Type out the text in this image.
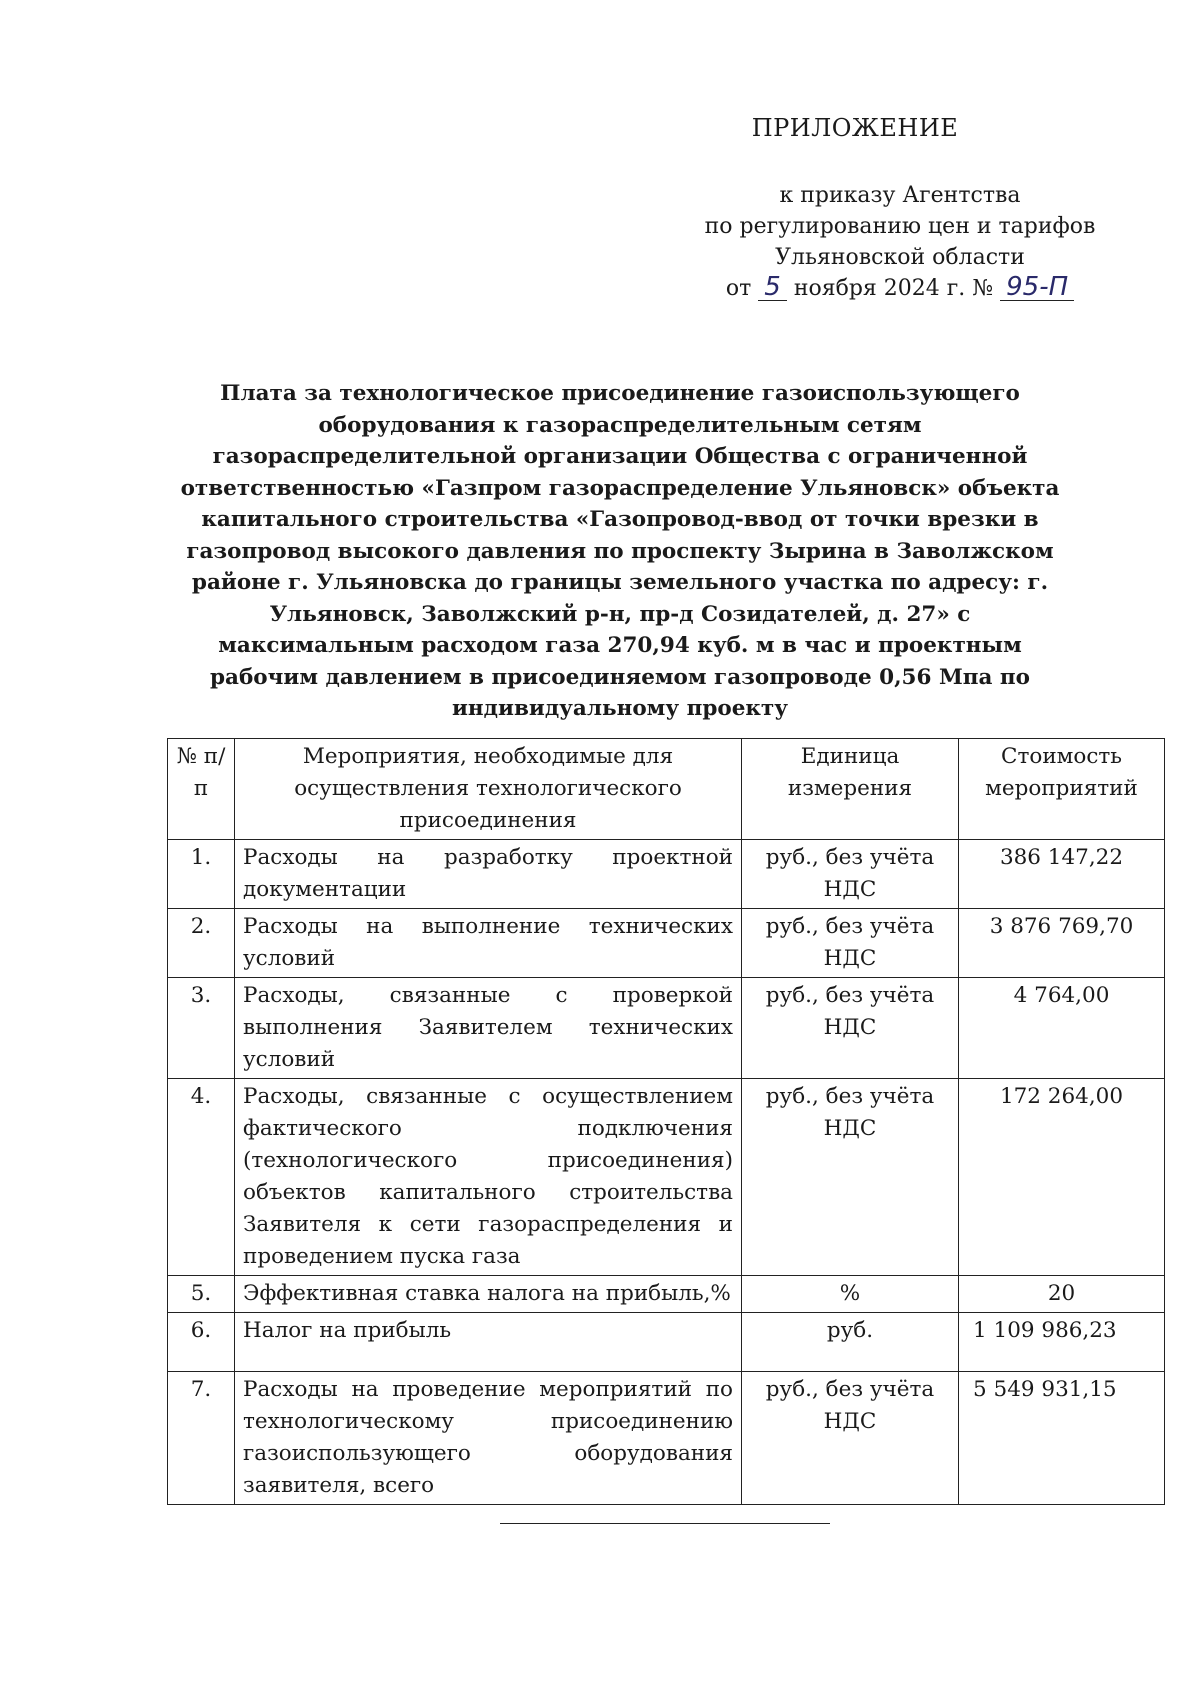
ПРИЛОЖЕНИЕ
к приказу Агентства
по регулированию цен и тарифов
Ульяновской области
от 5 ноября 2024 г. № 95-П
Плата за технологическое присоединение газоиспользующего оборудования к газораспределительным сетям газораспределительной организации Общества с ограниченной ответственностью «Газпром газораспределение Ульяновск» объекта капитального строительства «Газопровод-ввод от точки врезки в газопровод высокого давления по проспекту Зырина в Заволжском районе г. Ульяновска до границы земельного участка по адресу: г. Ульяновск, Заволжский р-н, пр-д Созидателей, д. 27» с максимальным расходом газа 270,94 куб. м в час и проектным рабочим давлением в присоединяемом газопроводе 0,56 Мпа по индивидуальному проекту
№ п/п	Мероприятия, необходимые для осуществления технологического присоединения	Единица измерения	Стоимость мероприятий
1.	Расходы на разработку проектной документации	руб., без учёта НДС	386 147,22
2.	Расходы на выполнение технических условий	руб., без учёта НДС	3 876 769,70
3.	Расходы, связанные с проверкой выполнения Заявителем технических условий	руб., без учёта НДС	4 764,00
4.	Расходы, связанные с осуществлением фактического подключения (технологического присоединения) объектов капитального строительства Заявителя к сети газораспределения и проведением пуска газа	руб., без учёта НДС	172 264,00
5.	Эффективная ставка налога на прибыль,%	%	20
6.	Налог на прибыль	руб.	1 109 986,23
7.	Расходы на проведение мероприятий по технологическому присоединению газоиспользующего оборудования заявителя, всего	руб., без учёта НДС	5 549 931,15
